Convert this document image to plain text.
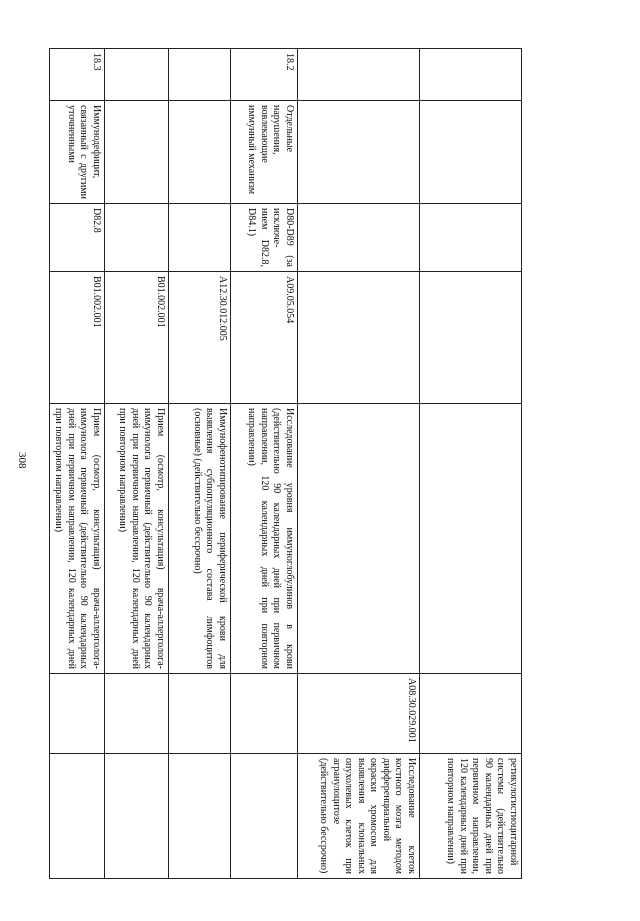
308
						ретикулогистиоцитарной системы (действительно 90 календарных дней при первичном направлении, 120 календарных дней при повторном направлении)
					A08.30.029.001	Исследование клеток костного мозга методом дифференциальной окраски хромосом для выявления клональных опухолевых клеток при агранулоцитозе (действительно бессрочно)
18.2	Отдельные нарушения, вовлекающие иммунный механизм	D80-D89 (за исключе-нием D82.8, D84.1)	A09.05.054	Исследование уровня иммуноглобулинов в крови (действительно 90 календарных дней при первичном направлении, 120 календарных дней при повторном направлении)		
			A12.30.012.005	Иммунофенотипирование периферической крови для выявления субпопуляционного состава лимфоцитов (основные) (действительно бессрочно)		
			B01.002.001	Прием (осмотр, консультация) врача-аллерголога-иммунолога первичный (действительно 90 календарных дней при первичном направлении, 120 календарных дней при повторном направлении)		
18.3	Иммунодефицит, связанный с другими уточненными	D82.8	B01.002.001	Прием (осмотр, консультация) врача-аллерголога-иммунолога первичный (действительно 90 календарных дней при первичном направлении, 120 календарных дней при повторном направлении)		
